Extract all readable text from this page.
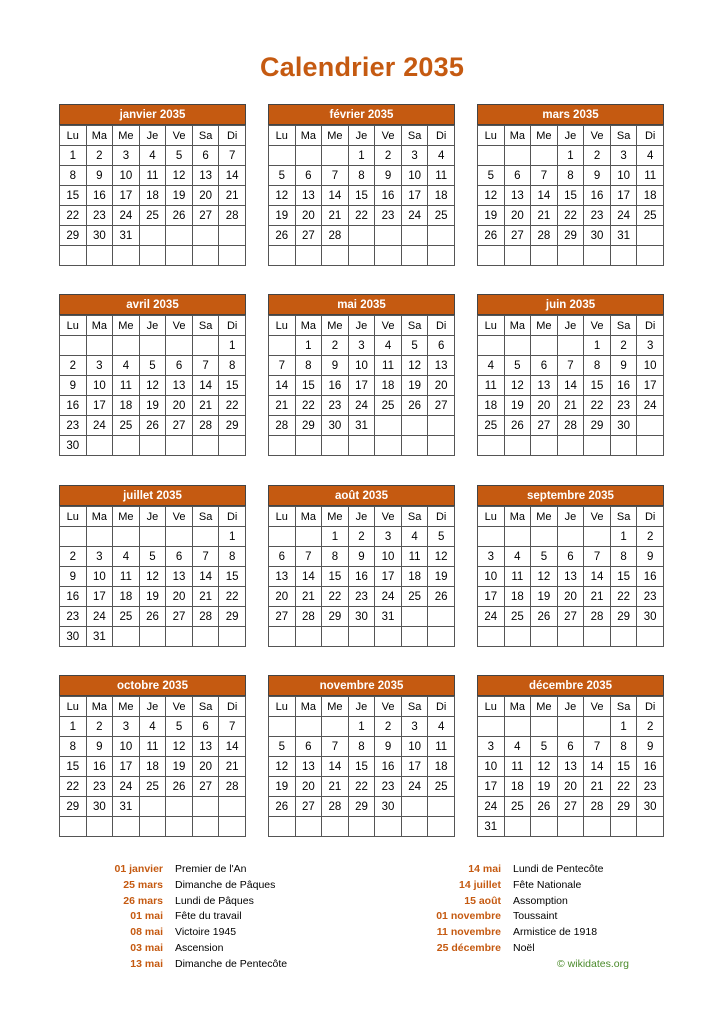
Calendrier 2035
janvier 2035
Lu	Ma	Me	Je	Ve	Sa	Di
1	2	3	4	5	6	7
8	9	10	11	12	13	14
15	16	17	18	19	20	21
22	23	24	25	26	27	28
29	30	31				

février 2035
Lu	Ma	Me	Je	Ve	Sa	Di
			1	2	3	4
5	6	7	8	9	10	11
12	13	14	15	16	17	18
19	20	21	22	23	24	25
26	27	28				

mars 2035
Lu	Ma	Me	Je	Ve	Sa	Di
			1	2	3	4
5	6	7	8	9	10	11
12	13	14	15	16	17	18
19	20	21	22	23	24	25
26	27	28	29	30	31	

avril 2035
Lu	Ma	Me	Je	Ve	Sa	Di
						1
2	3	4	5	6	7	8
9	10	11	12	13	14	15
16	17	18	19	20	21	22
23	24	25	26	27	28	29
30						
mai 2035
Lu	Ma	Me	Je	Ve	Sa	Di
	1	2	3	4	5	6
7	8	9	10	11	12	13
14	15	16	17	18	19	20
21	22	23	24	25	26	27
28	29	30	31			

juin 2035
Lu	Ma	Me	Je	Ve	Sa	Di
				1	2	3
4	5	6	7	8	9	10
11	12	13	14	15	16	17
18	19	20	21	22	23	24
25	26	27	28	29	30	

juillet 2035
Lu	Ma	Me	Je	Ve	Sa	Di
						1
2	3	4	5	6	7	8
9	10	11	12	13	14	15
16	17	18	19	20	21	22
23	24	25	26	27	28	29
30	31					
août 2035
Lu	Ma	Me	Je	Ve	Sa	Di
		1	2	3	4	5
6	7	8	9	10	11	12
13	14	15	16	17	18	19
20	21	22	23	24	25	26
27	28	29	30	31		

septembre 2035
Lu	Ma	Me	Je	Ve	Sa	Di
					1	2
3	4	5	6	7	8	9
10	11	12	13	14	15	16
17	18	19	20	21	22	23
24	25	26	27	28	29	30

octobre 2035
Lu	Ma	Me	Je	Ve	Sa	Di
1	2	3	4	5	6	7
8	9	10	11	12	13	14
15	16	17	18	19	20	21
22	23	24	25	26	27	28
29	30	31				

novembre 2035
Lu	Ma	Me	Je	Ve	Sa	Di
			1	2	3	4
5	6	7	8	9	10	11
12	13	14	15	16	17	18
19	20	21	22	23	24	25
26	27	28	29	30		

décembre 2035
Lu	Ma	Me	Je	Ve	Sa	Di
					1	2
3	4	5	6	7	8	9
10	11	12	13	14	15	16
17	18	19	20	21	22	23
24	25	26	27	28	29	30
31						
01 janvier	Premier de l'An
25 mars	Dimanche de Pâques
26 mars	Lundi de Pâques
01 mai	Fête du travail
08 mai	Victoire 1945
03 mai	Ascension
13 mai	Dimanche de Pentecôte
14 mai	Lundi de Pentecôte
14 juillet	Fête Nationale
15 août	Assomption
01 novembre	Toussaint
11 novembre	Armistice de 1918
25 décembre	Noël
© wikidates.org
